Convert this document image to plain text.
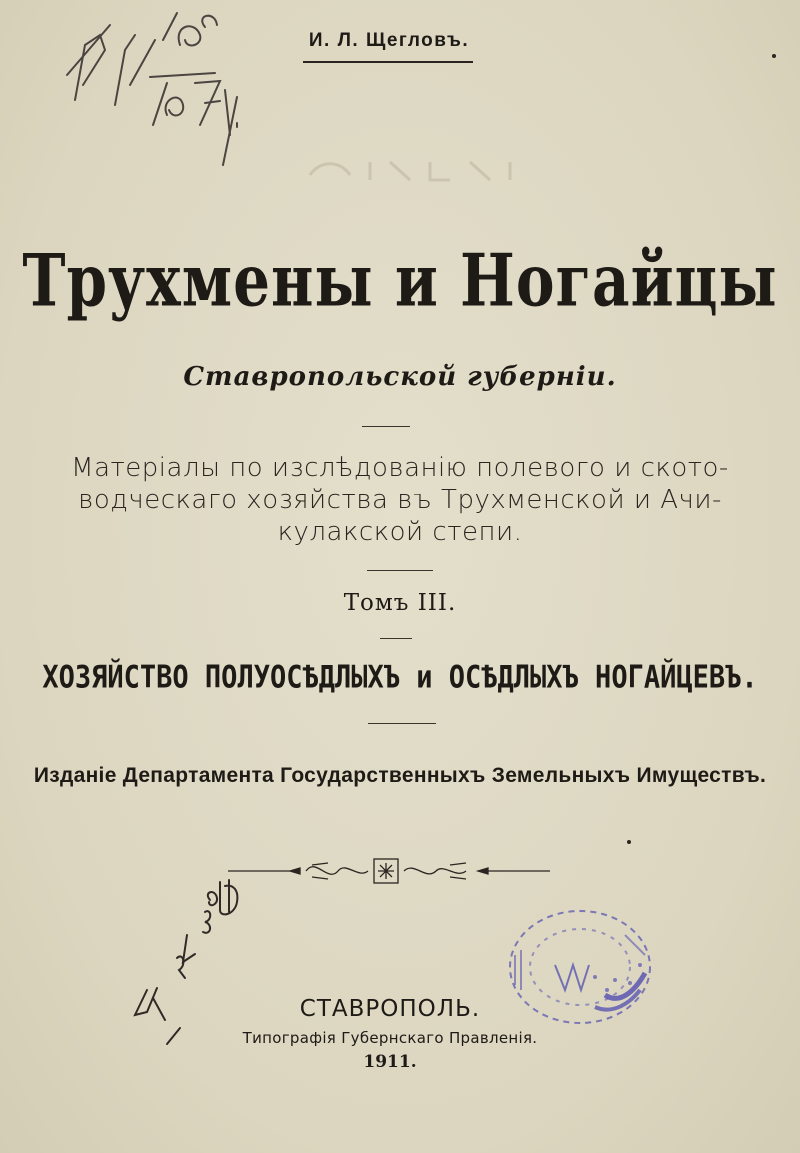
И. Л. Щегловъ.
Трухмены и Ногайцы
Ставропольской губерніи.
Матеріалы по изслѣдованію полевого и ското-
водческаго хозяйства въ Трухменской и Ачи-
кулакской степи.
Томъ III.
ХОЗЯЙСТВО ПОЛУОСѢДЛЫХЪ и ОСѢДЛЫХЪ НОГАЙЦЕВЪ.
Изданіе Департамента Государственныхъ Земельныхъ Имуществъ.
СТАВРОПОЛЬ.
Типографія Губернскаго Правленія.
1911.
